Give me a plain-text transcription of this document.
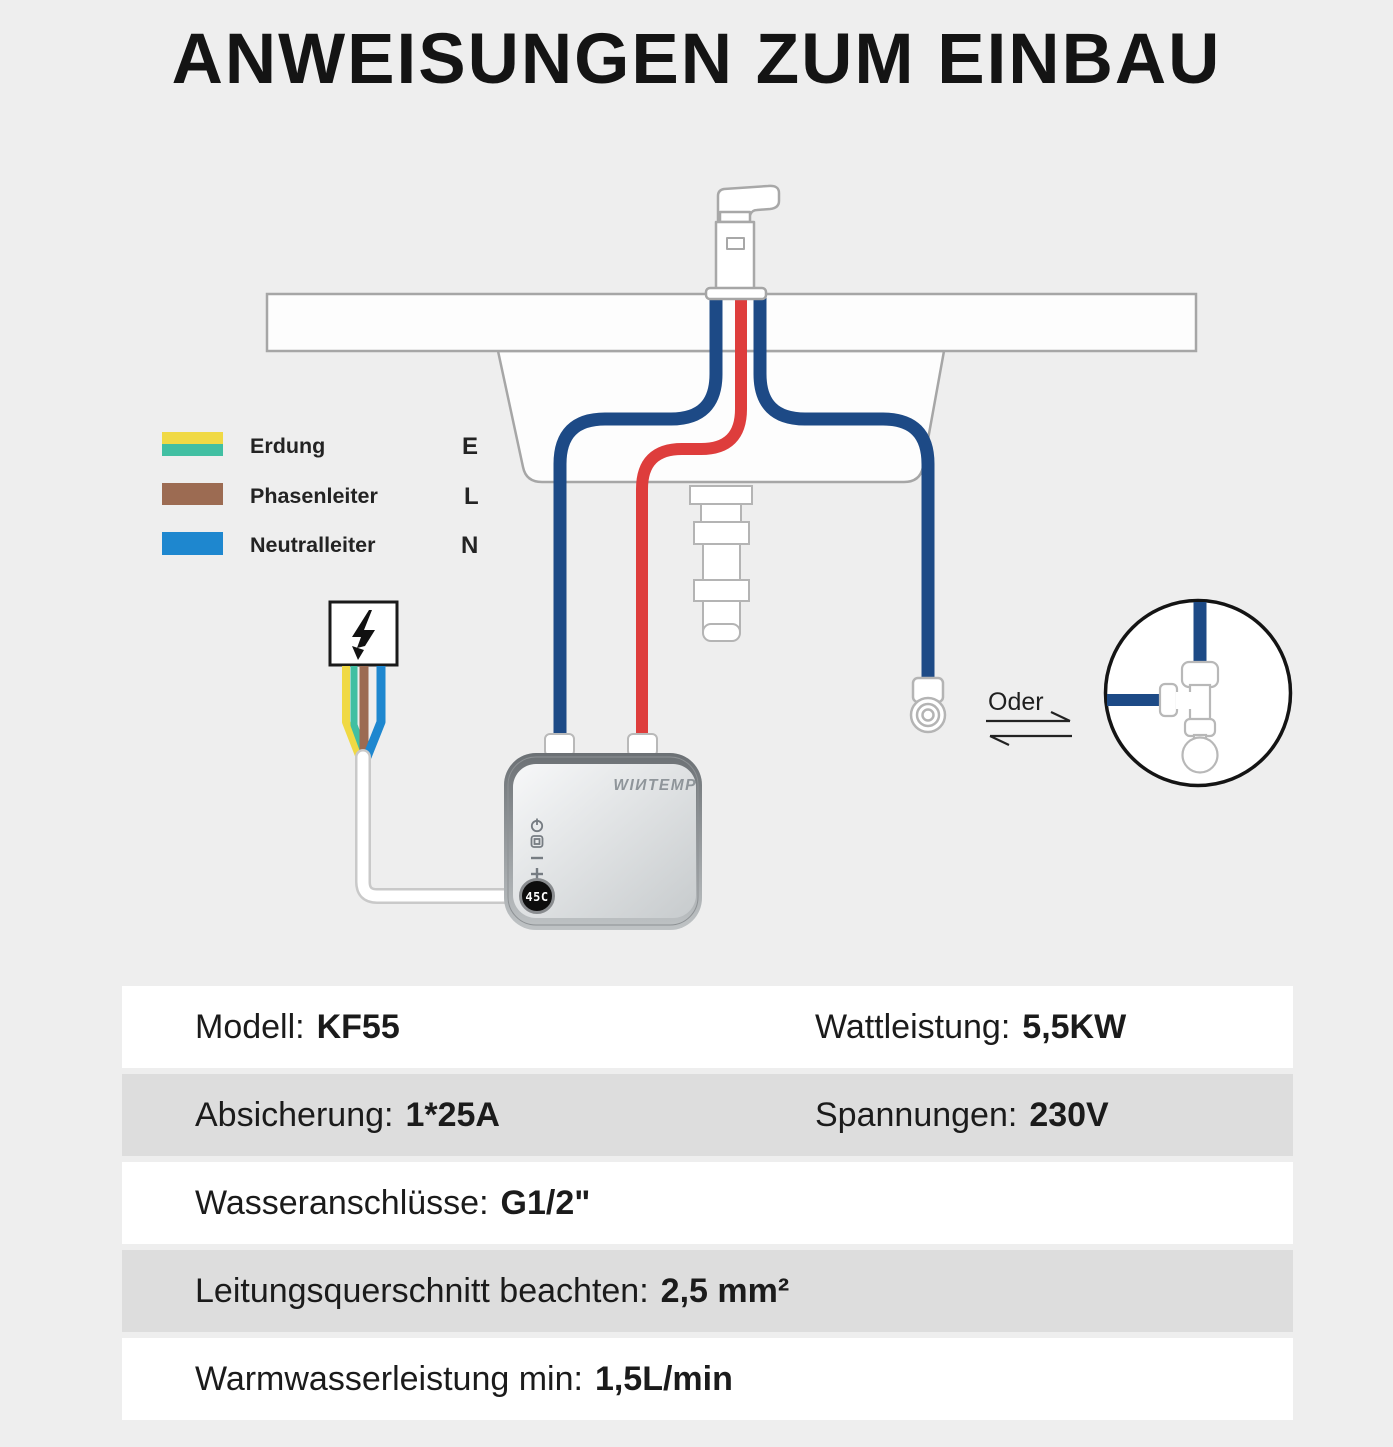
ANWEISUNGEN ZUM EINBAU
Erdung	E
Phasenleiter	L
Neutralleiter	N
WIИTEMP
45C
Oder
Modell: KF55	Wattleistung: 5,5KW
Absicherung: 1*25A	Spannungen: 230V
Wasseranschlüsse: G1/2"
Leitungsquerschnitt beachten: 2,5 mm²
Warmwasserleistung min: 1,5L/min
